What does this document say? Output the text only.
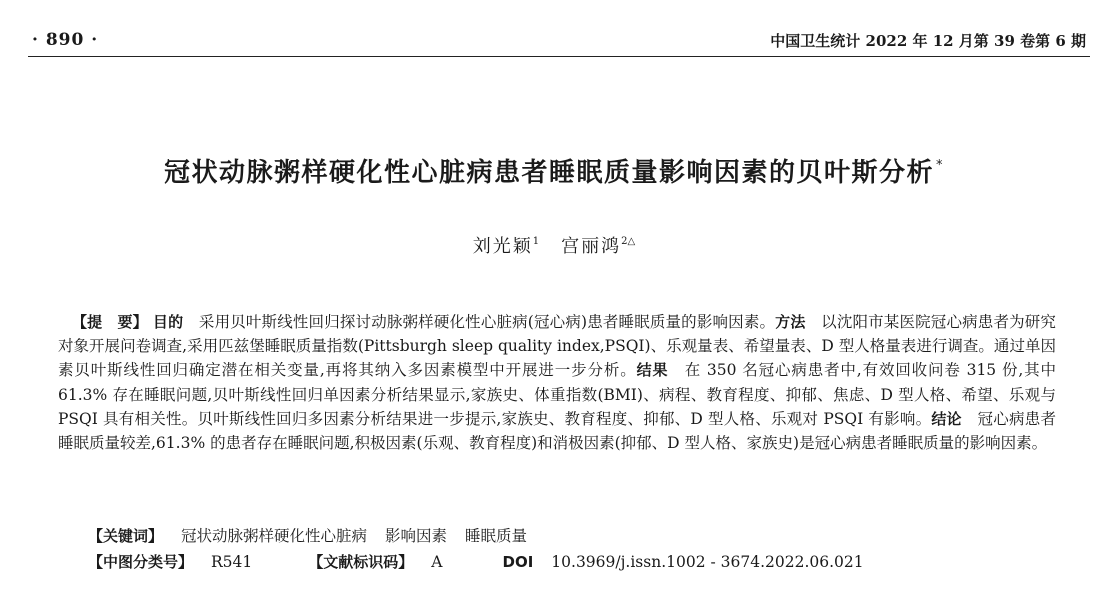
· 890 ·	中国卫生统计 2022 年 12 月第 39 卷第 6 期
冠状动脉粥样硬化性心脏病患者睡眠质量影响因素的贝叶斯分析 *
刘光颖$^1$ 宫丽鸿$^{2\triangle}$
【提　要】 目的　 采用贝叶斯线性回归探讨动脉粥样硬化性心脏病(冠心病)患者睡眠质量的影响因素。方法　 以沈阳市某医院冠心病患者为研究对象开展问卷调查,采用匹兹堡睡眠质量指数(Pittsburgh sleep quality index,PSQI)、乐观量表、希望量表、D 型人格量表进行调查。通过单因素贝叶斯线性回归确定潜在相关变量,再将其纳入多因素模型中开展进一步分析。结果　 在 350 名冠心病患者中,有效回收问卷 315 份,其中 61.3% 存在睡眠问题,贝叶斯线性回归单因素分析结果显示,家族史、体重指数(BMI)、病程、教育程度、抑郁、焦虑、D 型人格、希望、乐观与 PSQI 具有相关性。贝叶斯线性回归多因素分析结果进一步提示,家族史、教育程度、抑郁、D 型人格、乐观对 PSQI 有影响。结论　 冠心病患者睡眠质量较差,61.3% 的患者存在睡眠问题,积极因素(乐观、教育程度)和消极因素(抑郁、D 型人格、家族史)是冠心病患者睡眠质量的影响因素。
【关键词】 冠状动脉粥样硬化性心脏病 影响因素 睡眠质量
【中图分类号】 R541	【文献标识码】 A	DOI 10.3969/j.issn.1002 - 3674.2022.06.021
